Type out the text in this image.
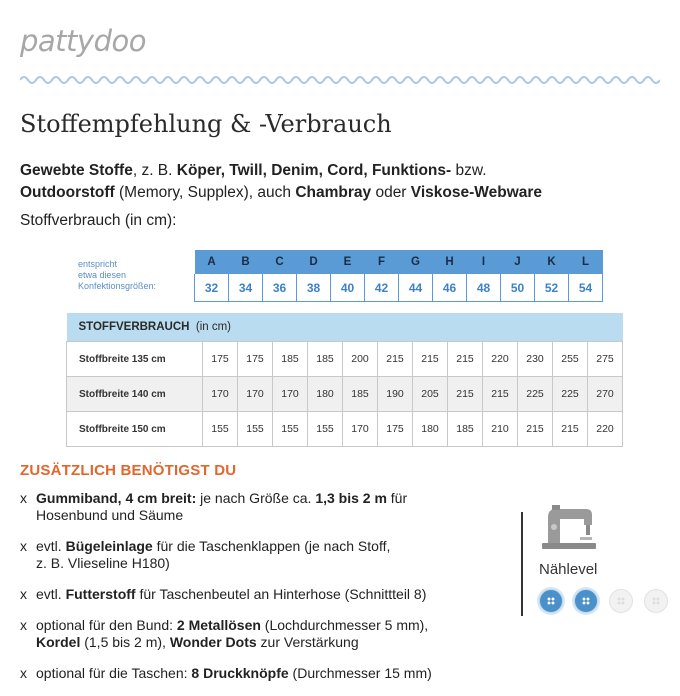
pattydoo
Stoffempfehlung & -Verbrauch
Gewebte Stoffe, z. B. Köper, Twill, Denim, Cord, Funktions- bzw.
Outdoorstoff (Memory, Supplex), auch Chambray oder Viskose-Webware
Stoffverbrauch (in cm):
entspricht
etwa diesen
Konfektionsgrößen:	A	B	C	D	E	F	G	H	I	J	K	L
	32	34	36	38	40	42	44	46	48	50	52	54
STOFFVERBRAUCH (in cm)												
Stoffbreite 135 cm	175	175	185	185	200	215	215	215	220	230	255	275
Stoffbreite 140 cm	170	170	170	180	185	190	205	215	215	225	225	270
Stoffbreite 150 cm	155	155	155	155	170	175	180	185	210	215	215	220
ZUSÄTZLICH BENÖTIGST DU
x Gummiband, 4 cm breit: je nach Größe ca. 1,3 bis 2 m für
Hosenbund und Säume
x evtl. Bügeleinlage für die Taschenklappen (je nach Stoff,
z. B. Vlieseline H180)
x evtl. Futterstoff für Taschenbeutel an Hinterhose (Schnittteil 8)
x optional für den Bund: 2 Metallösen (Lochdurchmesser 5 mm),
Kordel (1,5 bis 2 m), Wonder Dots zur Verstärkung
x optional für die Taschen: 8 Druckknöpfe (Durchmesser 15 mm)
Nählevel
